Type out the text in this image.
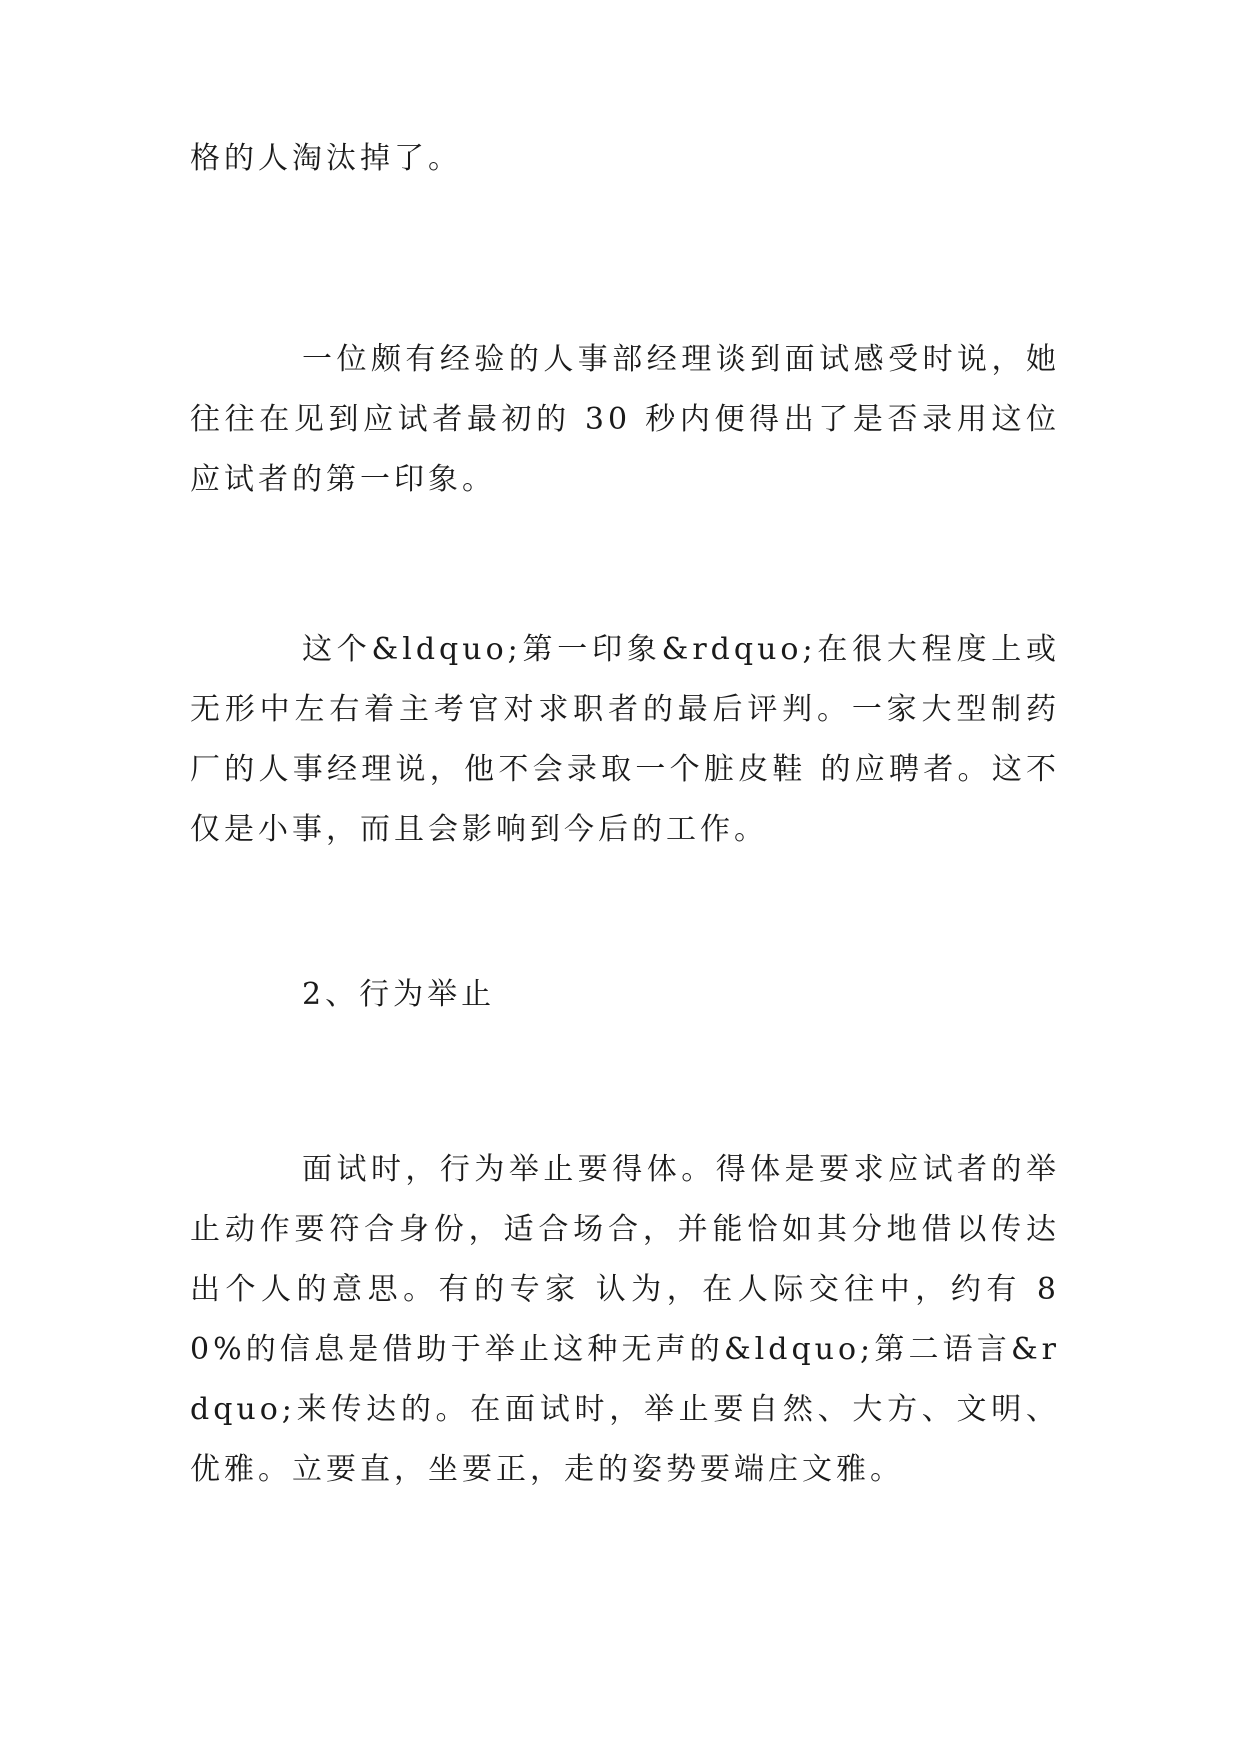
格的人淘汰掉了。

一位颇有经验的人事部经理谈到面试感受时说，她往往在见到应试者最初的 30 秒内便得出了是否录用这位应试者的第一印象。

这个&ldquo;第一印象&rdquo;在很大程度上或无形中左右着主考官对求职者的最后评判。一家大型制药厂的人事经理说，他不会录取一个脏皮鞋 的应聘者。这不仅是小事，而且会影响到今后的工作。

2、行为举止

面试时，行为举止要得体。得体是要求应试者的举止动作要符合身份，适合场合，并能恰如其分地借以传达出个人的意思。有的专家 认为，在人际交往中，约有 80%的信息是借助于举止这种无声的&ldquo;第二语言&rdquo;来传达的。在面试时，举止要自然、大方、文明、优雅。立要直，坐要正，走的姿势要端庄文雅。
